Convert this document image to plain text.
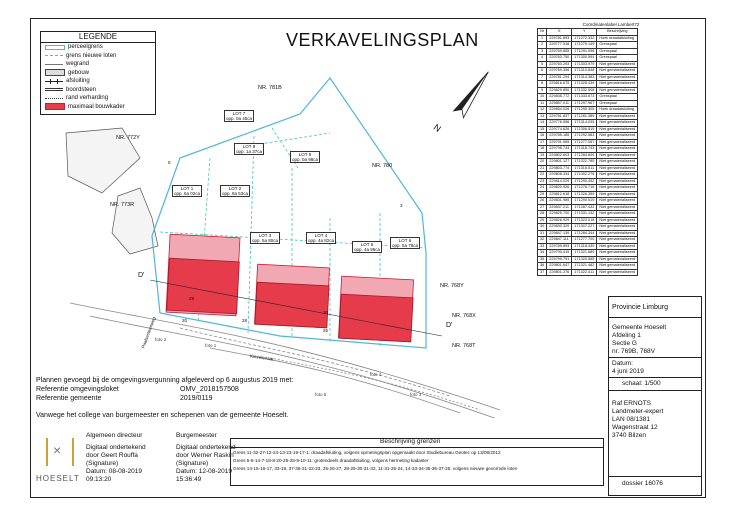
VERKAVELINGSPLAN
LEGENDE
perceelgrens
grens nieuwe loten
wegrand
gebouw
afsluiting
boordsteen
rand verharding
maximaal bouwkader
N
NR. 781B
NR. 772Y
NR. 780
NR. 773R
NR. 768Y
NR. 768X
NR. 768T
LOT 7
opp. 0a 45ca
LOT 8
opp. 1a 37ca
LOT 9
opp. 0a 98ca
LOT 1
opp. 6a 02ca
LOT 2
opp. 8a 53ca
LOT 3
opp. 5a 80ca
LOT 4
opp. 4a 82ca
LOT 5
opp. 4a 96ca
LOT 6
opp. 5a 78ca
D'
D'
Paalsesteenweg
Kiezelstraat
foto 2
foto 1
foto 4
foto 5	foto 3
29
20
26
30
28
3
5
Coördinatenlabel Lambert72
Nr	X	Y	Beschrijving
1	229781.893	171272.332	Hoek draadafsluiting
2	229777.518	171279.149	Grenspaal
3	229769.855	171291.098	Grenspaal
4	229763.750	171300.594	Grenspaal
5	229760.293	171303.979	Niet gematerialiseerd
6	229769.356	171310.848	Niet gematerialiseerd
7	229781.294	171314.383	Niet gematerialiseerd
8	229816.675	171325.439	Niet gematerialiseerd
9	229829.850	171332.508	Niet gematerialiseerd
10	229838.772	171333.673	Grenspaal
11	229857.011	171297.967	Grenspaal
12	229854.026	171295.305	Hoek draadafsluiting
13	229781.837	171281.389	Niet gematerialiseerd
14	229776.596	171314.035	Niet gematerialiseerd
15	229774.626	171306.519	Niet gematerialiseerd
16	229785.185	171292.583	Niet gematerialiseerd
17	229791.969	171277.067	Niet gematerialiseerd
18	229798.743	171318.743	Niet gematerialiseerd
19	229802.603	171284.609	Niet gematerialiseerd
20	229801.127	171322.785	Niet gematerialiseerd
21	229803.774	171316.511	Niet gematerialiseerd
22	229808.334	171302.276	Niet gematerialiseerd
23	229814.029	171290.452	Niet gematerialiseerd
24	229820.926	171276.716	Niet gematerialiseerd
25	229812.618	171326.359	Niet gematerialiseerd
26	229831.989	171290.519	Niet gematerialiseerd
27	229837.211	171287.432	Niet gematerialiseerd
28	229825.700	171331.132	Niet gematerialiseerd
29	229826.929	171323.018	Niet gematerialiseerd
30	229830.329	171307.227	Niet gematerialiseerd
31	229847.139	171284.344	Niet gematerialiseerd
32	229847.111	171277.700	Niet gematerialiseerd
33	229789.893	171318.439	Niet gematerialiseerd
34	229790.419	171321.689	Niet gematerialiseerd
35	229799.791	171320.565	Niet gematerialiseerd
36	229801.647	171321.482	Niet gematerialiseerd
37	229801.276	171322.411	Niet gematerialiseerd
Provincie Limburg
Gemeente Hoeselt
Afdeling 1
Sectie G
nr. 769B, 768V
Datum:
4 juni 2019
schaal: 1/500
Raf ERNOTS
Landmeter-expert
LAN 08/1381
Wagenstraat 12
3740 Bilzen
dossier 16076
Plannen gevoegd bij de omgevingsvergunning afgeleverd op 6 augustus 2019 met:
Referentie omgevingsloket	OMV_2018157508
Referentie gemeente	2019/0119
Vanwege het college van burgemeester en schepenen van de gemeente Hoeselt.
×
HOESELT
Algemeen directeur
Digitaal ondertekend
door Geert Rouffa
(Signature)
Datum: 08-08-2019
09:13:20
Burgemeester
Digitaal ondertekend
door Werner Raskin
(Signature)
Datum: 12-08-2019
15:36:49
Beschrijving grenzen
Grens 11-32-27-12-24-13-23-19-17-1: draadafsluiting, volgens opmetingsplan opgemaakt door Studiebureau Geotec op 13/08/2012
Grens 5-6-14-7-18-8-20-25-28-9-10-11: grotendeels draadafsluiting, volgens hermeting kadaster
Grens 14-15-16-17, 33-19, 37-36-21-22-23, 25-26-27, 28-29-30-31-32, 11-31-26-24, 14-33-34-35-36-37-25: volgens nieuwe gevormde loten
